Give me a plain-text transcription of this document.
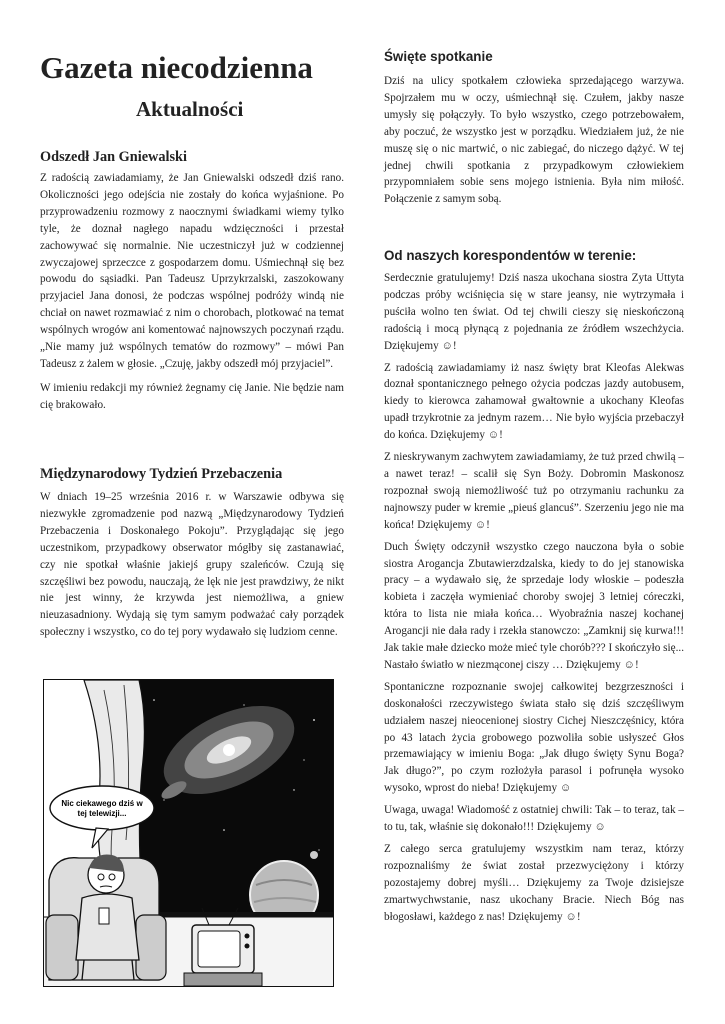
Gazeta niecodzienna
Aktualności
Odszedł Jan Gniewalski

Z radością zawiadamiamy, że Jan Gniewalski odszedł dziś rano. Okoliczności jego odejścia nie zostały do końca wyjaśnione. Po przyprowadzeniu rozmowy z naocznymi świadkami wiemy tylko tyle, że doznał nagłego napadu wdzięczności i przestał zachowywać się normalnie. Nie uczestniczył już w codziennej zwyczajowej sprzeczce z gospodarzem domu. Uśmiechnął się bez powodu do sąsiadki. Pan Tadeusz Uprzykrzalski, zaszokowany przyjaciel Jana donosi, że podczas wspólnej podróży windą nie chciał on nawet rozmawiać z nim o chorobach, plotkować na temat wspólnych wrogów ani komentować najnowszych poczynań rządu. „Nie mamy już wspólnych tematów do rozmowy” – mówi Pan Tadeusz z żalem w głosie. „Czuję, jakby odszedł mój przyjaciel”.

W imieniu redakcji my również żegnamy cię Janie. Nie będzie nam cię brakowało.

Międzynarodowy Tydzień Przebaczenia

W dniach 19–25 września 2016 r. w Warszawie odbywa się niezwykłe zgromadzenie pod nazwą „Międzynarodowy Tydzień Przebaczenia i Doskonałego Pokoju”. Przyglądając się jego uczestnikom, przypadkowy obserwator mógłby się zastanawiać, czy nie spotkał właśnie jakiejś grupy szaleńców. Czują się szczęśliwi bez powodu, nauczają, że lęk nie jest prawdziwy, że nikt nie jest winny, że krzywda jest niemożliwa, a gniew nieuzasadniony. Wydają się tym samym podważać cały porządek społeczny i wszystko, co do tej pory wydawało się ludziom cenne.

Nic ciekawego dziś w
tej telewizji...
Święte spotkanie

Dziś na ulicy spotkałem człowieka sprzedającego warzywa. Spojrzałem mu w oczy, uśmiechnął się. Czułem, jakby nasze umysły się połączyły. To było wszystko, czego potrzebowałem, aby poczuć, że wszystko jest w porządku. Wiedziałem już, że nie muszę się o nic martwić, o nic zabiegać, do niczego dążyć. W tej jednej chwili spotkania z przypadkowym człowiekiem przypomniałem sobie sens mojego istnienia. Była nim miłość. Połączenie z samym sobą.

Od naszych korespondentów w terenie:

Serdecznie gratulujemy! Dziś nasza ukochana siostra Zyta Uttyta podczas próby wciśnięcia się w stare jeansy, nie wytrzymała i puściła wolno ten świat. Od tej chwili cieszy się nieskończoną radością i mocą płynącą z pojednania ze źródłem wszechżycia. Dziękujemy ☺!

Z radością zawiadamiamy iż nasz święty brat Kleofas Alekwas doznał spontanicznego pełnego ożycia podczas jazdy autobusem, kiedy to kierowca zahamował gwałtownie a ukochany Kleofas upadł trzykrotnie za jednym razem… Nie było wyjścia przebaczył do końca. Dziękujemy ☺!

Z nieskrywanym zachwytem zawiadamiamy, że tuż przed chwilą – a nawet teraz! – scalił się Syn Boży. Dobromin Maskonosz rozpoznał swoją niemożliwość tuż po otrzymaniu rachunku za najnowszy puder w kremie „pieuś glancuś”. Szerzeniu jego nie ma końca! Dziękujemy ☺!

Duch Święty odczynił wszystko czego nauczona była o sobie siostra Arogancja Zbutawierzdzalska, kiedy to do jej stanowiska pracy – a wydawało się, że sprzedaje lody włoskie – podeszła kobieta i zaczęła wymieniać choroby swojej 3 letniej córeczki, która to lista nie miała końca… Wyobraźnia naszej kochanej Arogancji nie dała rady i rzekła stanowczo: „Zamknij się kurwa!!! Jak takie małe dziecko może mieć tyle chorób??? I skończyło się... Nastało światło w niezmąconej ciszy … Dziękujemy ☺!

Spontaniczne rozpoznanie swojej całkowitej bezgrzeszności i doskonałości rzeczywistego świata stało się dziś szczęśliwym udziałem naszej nieocenionej siostry Cichej Nieszczęśnicy, która po 43 latach życia grobowego pozwoliła sobie usłyszeć Głos przemawiający w imieniu Boga: „Jak długo święty Synu Boga? Jak długo?”, po czym rozłożyła parasol i pofrunęła wysoko wysoko, wprost do nieba! Dziękujemy ☺

Uwaga, uwaga! Wiadomość z ostatniej chwili: Tak – to teraz, tak – to tu, tak, właśnie się dokonało!!! Dziękujemy ☺

Z całego serca gratulujemy wszystkim nam teraz, którzy rozpoznaliśmy że świat został przezwyciężony i którzy pozostajemy dobrej myśli… Dziękujemy za Twoje dzisiejsze zmartwychwstanie, nasz ukochany Bracie. Niech Bóg nas błogosławi, każdego z nas! Dziękujemy ☺!
